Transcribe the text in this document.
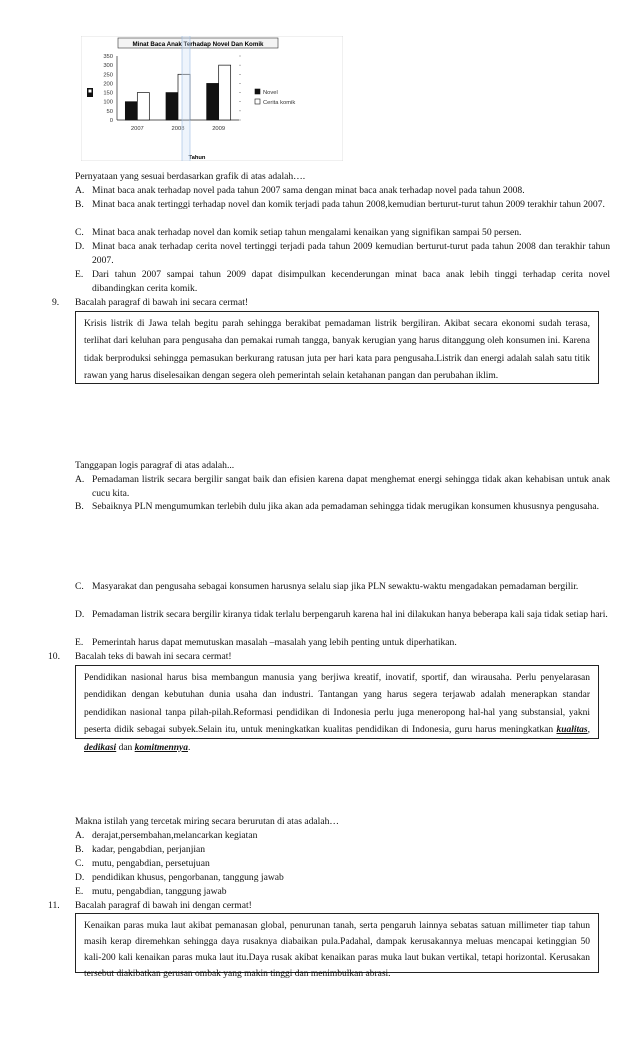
Minat Baca Anak Terhadap Novel Dan Komik
Tahun
0
50
100
150
200
250
300
350
2007	2008	2009
Novel
Cerita komik
Pernyataan yang sesuai berdasarkan grafik di atas adalah….
A. Minat baca anak terhadap novel pada tahun 2007 sama dengan minat baca anak terhadap novel pada tahun 2008.
B. Minat baca anak tertinggi terhadap novel dan komik terjadi pada tahun 2008,kemudian berturut-turut tahun 2009 terakhir tahun 2007.
C. Minat baca anak terhadap novel dan komik setiap tahun mengalami kenaikan yang signifikan sampai 50 persen.
D. Minat baca anak terhadap cerita novel tertinggi terjadi pada tahun 2009 kemudian berturut-turut pada tahun 2008 dan terakhir tahun 2007.
E. Dari tahun 2007 sampai tahun 2009 dapat disimpulkan kecenderungan minat baca anak lebih tinggi terhadap cerita novel dibandingkan cerita komik.
9. Bacalah paragraf di bawah ini secara cermat!
Krisis listrik di Jawa telah begitu parah sehingga berakibat pemadaman listrik bergiliran. Akibat secara ekonomi sudah terasa, terlihat dari keluhan para pengusaha dan pemakai rumah tangga, banyak kerugian yang harus ditanggung oleh konsumen ini. Karena tidak berproduksi sehingga pemasukan berkurang ratusan juta per hari kata para pengusaha.Listrik dan energi adalah salah satu titik rawan yang harus diselesaikan dengan segera oleh pemerintah selain ketahanan pangan dan perubahan iklim.
Tanggapan logis paragraf di atas adalah...
A. Pemadaman listrik secara bergilir sangat baik dan efisien karena dapat menghemat energi sehingga tidak akan kehabisan untuk anak cucu kita.
B. Sebaiknya PLN mengumumkan terlebih dulu jika akan ada pemadaman sehingga tidak merugikan konsumen khususnya pengusaha.
C. Masyarakat dan pengusaha sebagai konsumen harusnya selalu siap jika PLN sewaktu-waktu mengadakan pemadaman bergilir.
D. Pemadaman listrik secara bergilir kiranya tidak terlalu berpengaruh karena hal ini dilakukan hanya beberapa kali saja tidak setiap hari.
E. Pemerintah harus dapat memutuskan masalah –masalah yang lebih penting untuk diperhatikan.
10. Bacalah teks di bawah ini secara cermat!
Pendidikan nasional harus bisa membangun manusia yang berjiwa kreatif, inovatif, sportif, dan wirausaha. Perlu penyelarasan pendidikan dengan kebutuhan dunia usaha dan industri. Tantangan yang harus segera terjawab adalah menerapkan standar pendidikan nasional tanpa pilah-pilah.Reformasi pendidikan di Indonesia perlu juga meneropong hal-hal yang substansial, yakni peserta didik sebagai subyek.Selain itu, untuk meningkatkan kualitas pendidikan di Indonesia, guru harus meningkatkan kualitas, dedikasi dan komitmennya.
Makna istilah yang tercetak miring secara berurutan di atas adalah…
A. derajat,persembahan,melancarkan kegiatan
B. kadar, pengabdian, perjanjian
C. mutu, pengabdian, persetujuan
D. pendidikan khusus, pengorbanan, tanggung jawab
E. mutu, pengabdian, tanggung jawab
11. Bacalah paragraf di bawah ini dengan cermat!
Kenaikan paras muka laut akibat pemanasan global, penurunan tanah, serta pengaruh lainnya sebatas satuan millimeter tiap tahun masih kerap diremehkan sehingga daya rusaknya diabaikan pula.Padahal, dampak kerusakannya meluas mencapai ketinggian 50 kali-200 kali kenaikan paras muka laut itu.Daya rusak akibat kenaikan paras muka laut bukan vertikal, tetapi horizontal. Kerusakan tersebut diakibatkan gerusan ombak yang makin tinggi dan menimbulkan abrasi.
